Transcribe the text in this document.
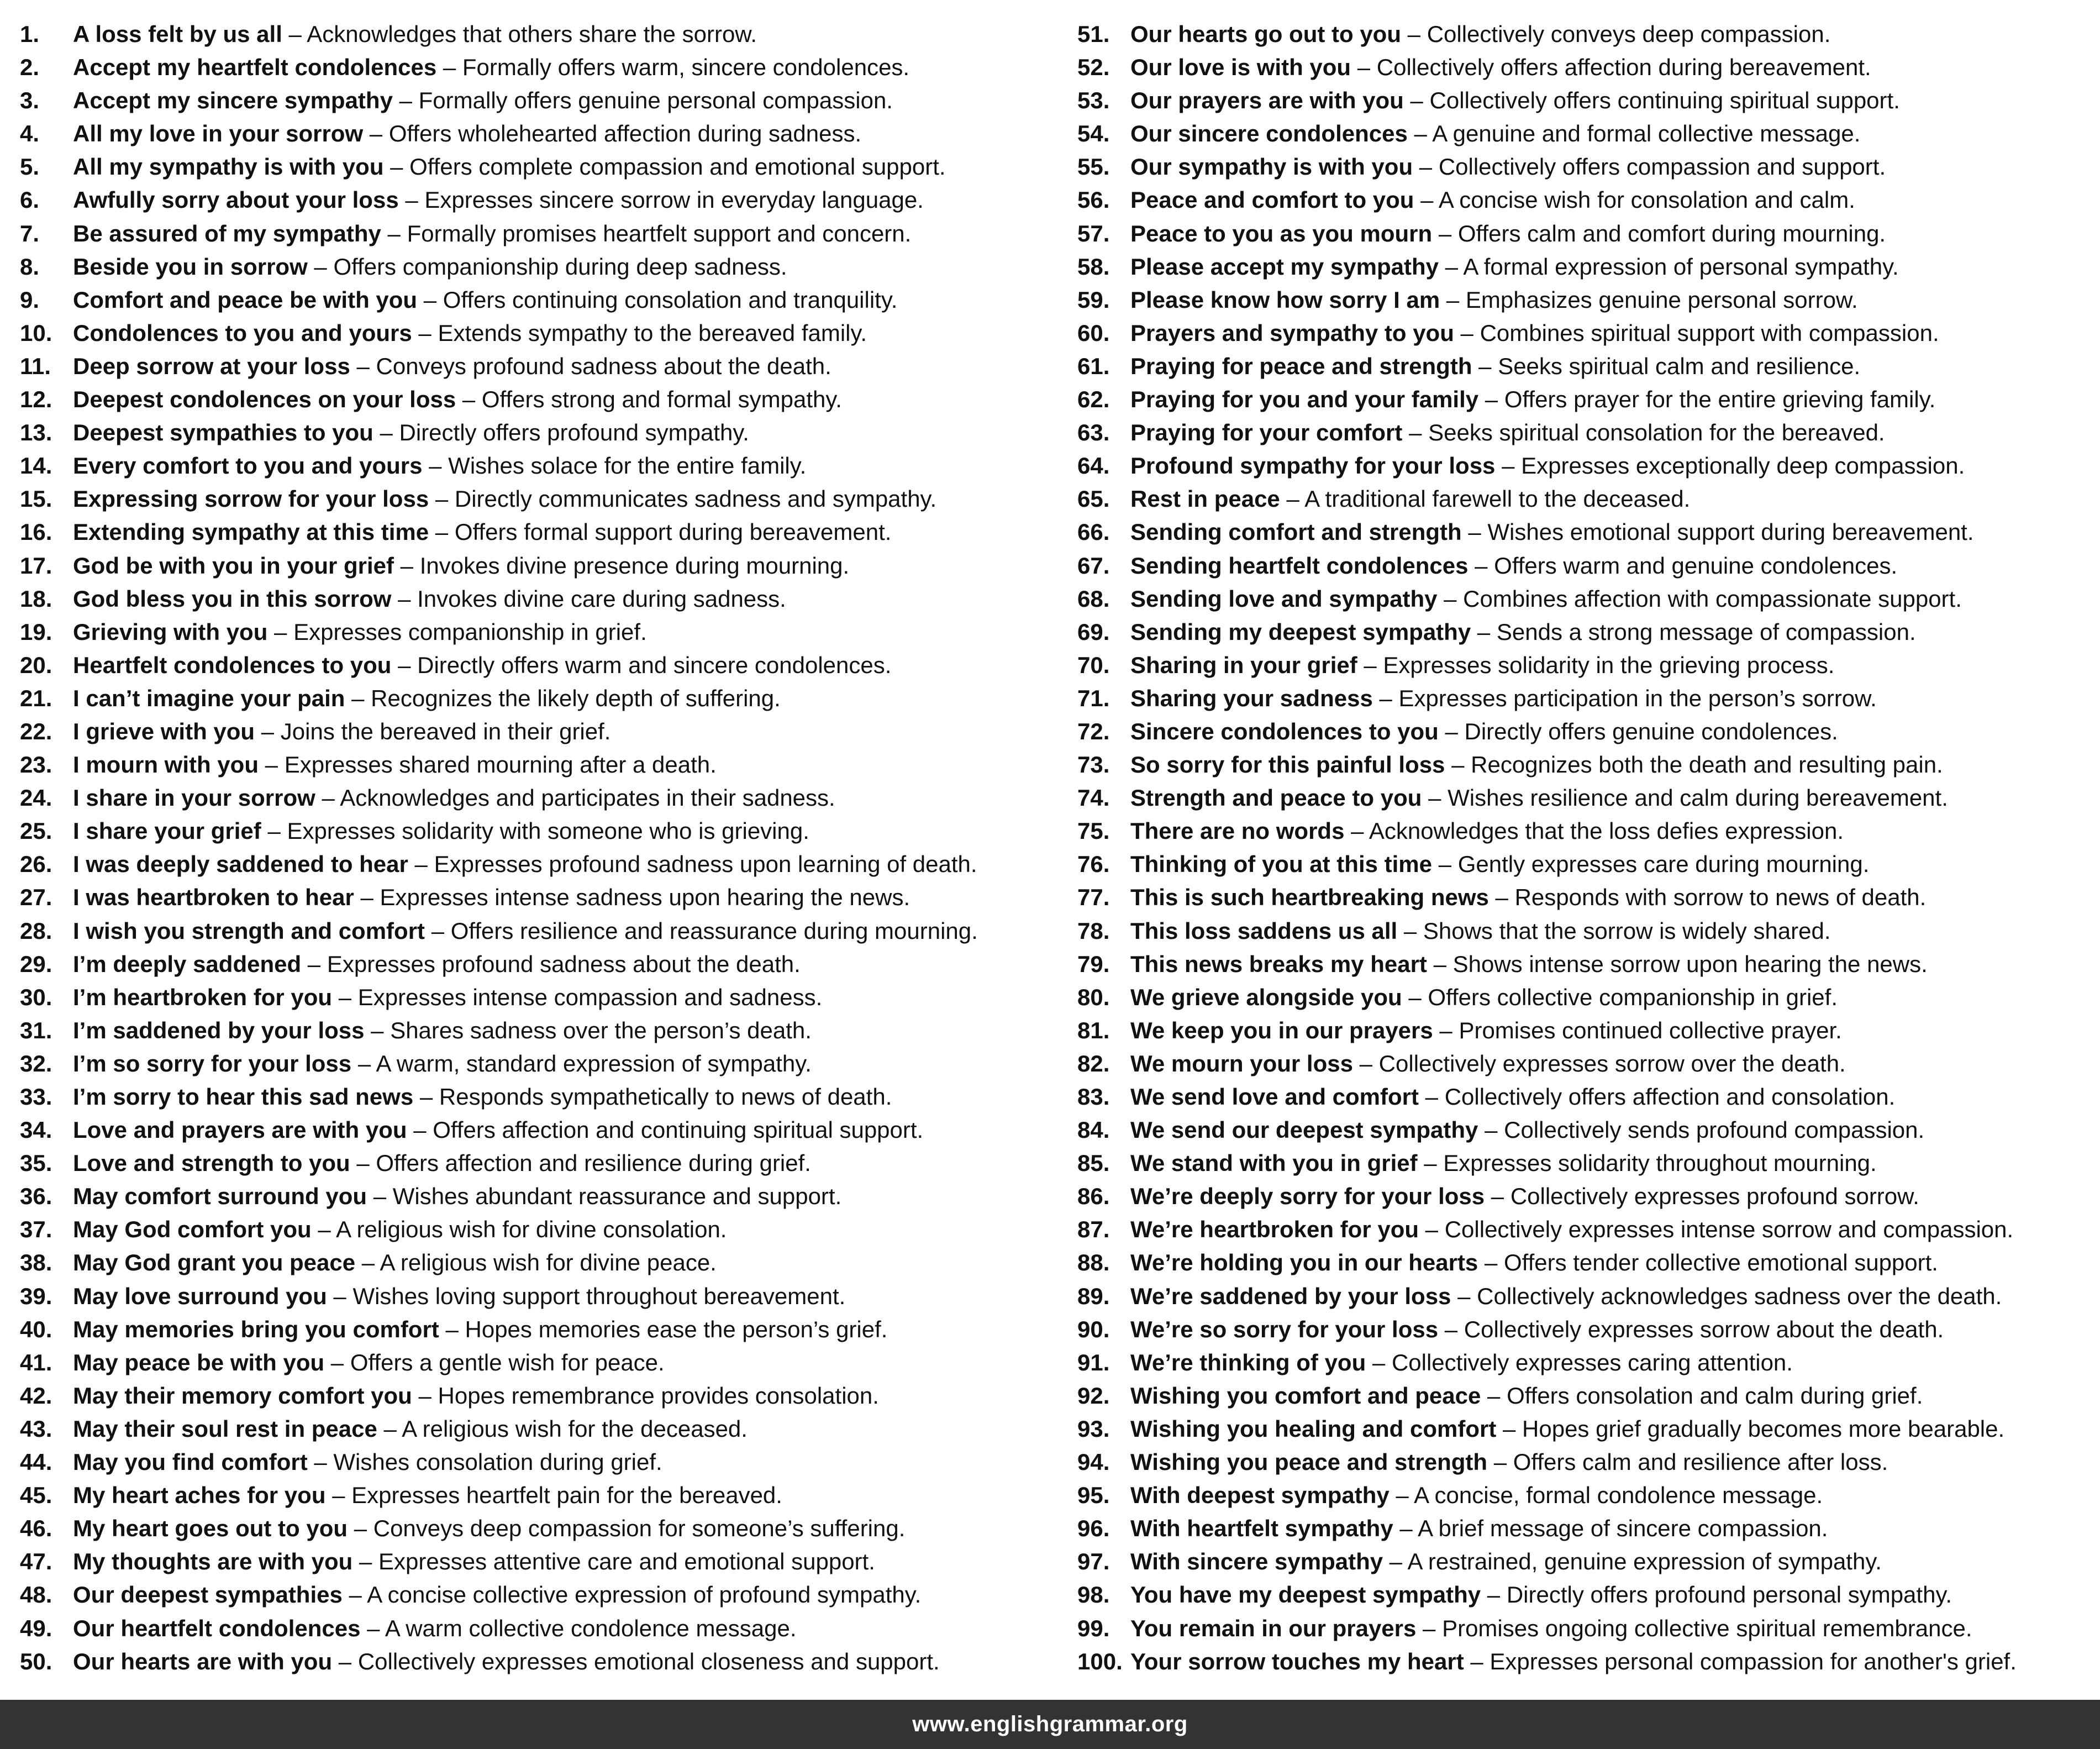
1.	A loss felt by us all – Acknowledges that others share the sorrow.
2.	Accept my heartfelt condolences – Formally offers warm, sincere condolences.
3.	Accept my sincere sympathy – Formally offers genuine personal compassion.
4.	All my love in your sorrow – Offers wholehearted affection during sadness.
5.	All my sympathy is with you – Offers complete compassion and emotional support.
6.	Awfully sorry about your loss – Expresses sincere sorrow in everyday language.
7.	Be assured of my sympathy – Formally promises heartfelt support and concern.
8.	Beside you in sorrow – Offers companionship during deep sadness.
9.	Comfort and peace be with you – Offers continuing consolation and tranquility.
10. Condolences to you and yours – Extends sympathy to the bereaved family.
11. Deep sorrow at your loss – Conveys profound sadness about the death.
12. Deepest condolences on your loss – Offers strong and formal sympathy.
13. Deepest sympathies to you – Directly offers profound sympathy.
14. Every comfort to you and yours – Wishes solace for the entire family.
15. Expressing sorrow for your loss – Directly communicates sadness and sympathy.
16. Extending sympathy at this time – Offers formal support during bereavement.
17. God be with you in your grief – Invokes divine presence during mourning.
18. God bless you in this sorrow – Invokes divine care during sadness.
19. Grieving with you – Expresses companionship in grief.
20. Heartfelt condolences to you – Directly offers warm and sincere condolences.
21. I can’t imagine your pain – Recognizes the likely depth of suffering.
22. I grieve with you – Joins the bereaved in their grief.
23. I mourn with you – Expresses shared mourning after a death.
24. I share in your sorrow – Acknowledges and participates in their sadness.
25. I share your grief – Expresses solidarity with someone who is grieving.
26. I was deeply saddened to hear – Expresses profound sadness upon learning of death.
27. I was heartbroken to hear – Expresses intense sadness upon hearing the news.
28. I wish you strength and comfort – Offers resilience and reassurance during mourning.
29. I’m deeply saddened – Expresses profound sadness about the death.
30. I’m heartbroken for you – Expresses intense compassion and sadness.
31. I’m saddened by your loss – Shares sadness over the person’s death.
32. I’m so sorry for your loss – A warm, standard expression of sympathy.
33. I’m sorry to hear this sad news – Responds sympathetically to news of death.
34. Love and prayers are with you – Offers affection and continuing spiritual support.
35. Love and strength to you – Offers affection and resilience during grief.
36. May comfort surround you – Wishes abundant reassurance and support.
37. May God comfort you – A religious wish for divine consolation.
38. May God grant you peace – A religious wish for divine peace.
39. May love surround you – Wishes loving support throughout bereavement.
40. May memories bring you comfort – Hopes memories ease the person’s grief.
41. May peace be with you – Offers a gentle wish for peace.
42. May their memory comfort you – Hopes remembrance provides consolation.
43. May their soul rest in peace – A religious wish for the deceased.
44. May you find comfort – Wishes consolation during grief.
45. My heart aches for you – Expresses heartfelt pain for the bereaved.
46. My heart goes out to you – Conveys deep compassion for someone’s suffering.
47. My thoughts are with you – Expresses attentive care and emotional support.
48. Our deepest sympathies – A concise collective expression of profound sympathy.
49. Our heartfelt condolences – A warm collective condolence message.
50. Our hearts are with you – Collectively expresses emotional closeness and support.
51. Our hearts go out to you – Collectively conveys deep compassion.
52. Our love is with you – Collectively offers affection during bereavement.
53. Our prayers are with you – Collectively offers continuing spiritual support.
54. Our sincere condolences – A genuine and formal collective message.
55. Our sympathy is with you – Collectively offers compassion and support.
56. Peace and comfort to you – A concise wish for consolation and calm.
57. Peace to you as you mourn – Offers calm and comfort during mourning.
58. Please accept my sympathy – A formal expression of personal sympathy.
59. Please know how sorry I am – Emphasizes genuine personal sorrow.
60. Prayers and sympathy to you – Combines spiritual support with compassion.
61. Praying for peace and strength – Seeks spiritual calm and resilience.
62. Praying for you and your family – Offers prayer for the entire grieving family.
63. Praying for your comfort – Seeks spiritual consolation for the bereaved.
64. Profound sympathy for your loss – Expresses exceptionally deep compassion.
65. Rest in peace – A traditional farewell to the deceased.
66. Sending comfort and strength – Wishes emotional support during bereavement.
67. Sending heartfelt condolences – Offers warm and genuine condolences.
68. Sending love and sympathy – Combines affection with compassionate support.
69. Sending my deepest sympathy – Sends a strong message of compassion.
70. Sharing in your grief – Expresses solidarity in the grieving process.
71. Sharing your sadness – Expresses participation in the person’s sorrow.
72. Sincere condolences to you – Directly offers genuine condolences.
73. So sorry for this painful loss – Recognizes both the death and resulting pain.
74. Strength and peace to you – Wishes resilience and calm during bereavement.
75. There are no words – Acknowledges that the loss defies expression.
76. Thinking of you at this time – Gently expresses care during mourning.
77. This is such heartbreaking news – Responds with sorrow to news of death.
78. This loss saddens us all – Shows that the sorrow is widely shared.
79. This news breaks my heart – Shows intense sorrow upon hearing the news.
80. We grieve alongside you – Offers collective companionship in grief.
81. We keep you in our prayers – Promises continued collective prayer.
82. We mourn your loss – Collectively expresses sorrow over the death.
83. We send love and comfort – Collectively offers affection and consolation.
84. We send our deepest sympathy – Collectively sends profound compassion.
85. We stand with you in grief – Expresses solidarity throughout mourning.
86. We’re deeply sorry for your loss – Collectively expresses profound sorrow.
87. We’re heartbroken for you – Collectively expresses intense sorrow and compassion.
88. We’re holding you in our hearts – Offers tender collective emotional support.
89. We’re saddened by your loss – Collectively acknowledges sadness over the death.
90. We’re so sorry for your loss – Collectively expresses sorrow about the death.
91. We’re thinking of you – Collectively expresses caring attention.
92. Wishing you comfort and peace – Offers consolation and calm during grief.
93. Wishing you healing and comfort – Hopes grief gradually becomes more bearable.
94. Wishing you peace and strength – Offers calm and resilience after loss.
95. With deepest sympathy – A concise, formal condolence message.
96. With heartfelt sympathy – A brief message of sincere compassion.
97. With sincere sympathy – A restrained, genuine expression of sympathy.
98. You have my deepest sympathy – Directly offers profound personal sympathy.
99. You remain in our prayers – Promises ongoing collective spiritual remembrance.
100. Your sorrow touches my heart – Expresses personal compassion for another's grief.
www.englishgrammar.org
